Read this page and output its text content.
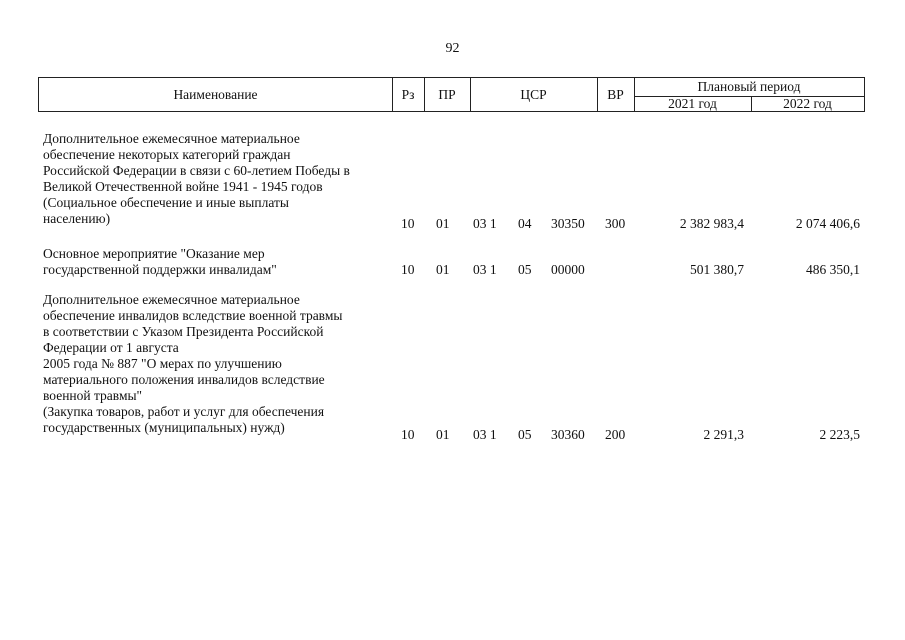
92
Наименование	Рз	ПР	ЦСР	ВР
Плановый период
2021 год	2022 год
Дополнительное ежемесячное материальное
обеспечение некоторых категорий граждан
Российской Федерации в связи с 60-летием Победы в
Великой Отечественной войне 1941 - 1945 годов
(Социальное обеспечение и иные выплаты
населению)	10 01 03 1 04 30350 300	2 382 983,4	2 074 406,6
Основное мероприятие "Оказание мер
государственной поддержки инвалидам"	10 01 03 1 05 00000	501 380,7	486 350,1
Дополнительное ежемесячное материальное
обеспечение инвалидов вследствие военной травмы
в соответствии с Указом Президента Российской
Федерации от 1 августа
2005 года № 887 "О мерах по улучшению
материального положения инвалидов вследствие
военной травмы"
(Закупка товаров, работ и услуг для обеспечения
государственных (муниципальных) нужд)	10 01 03 1 05 30360 200	2 291,3	2 223,5
